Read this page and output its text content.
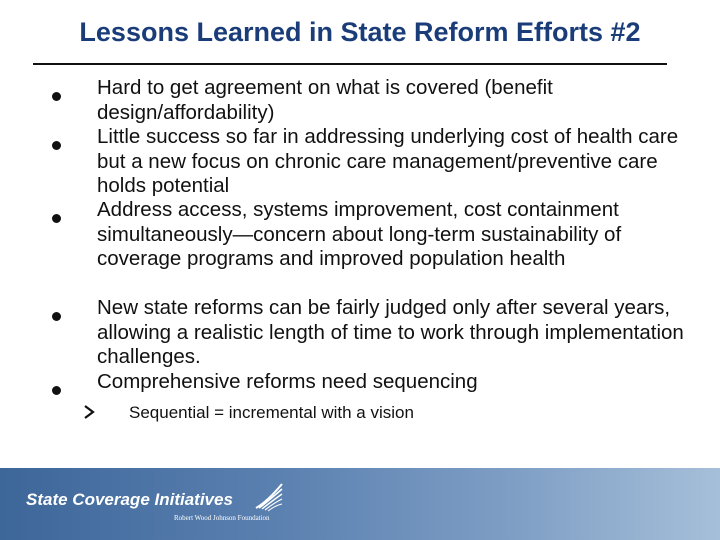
Lessons Learned in State Reform Efforts #2
Hard to get agreement on what is covered (benefit design/affordability)
Little success so far in addressing underlying cost of health care but a new focus on chronic care management/preventive care holds potential
Address access, systems improvement, cost containment simultaneously—concern about long-term sustainability of coverage programs and improved population health
New state reforms can be fairly judged only after several years, allowing a realistic length of time to work through implementation challenges.
Comprehensive reforms need sequencing
Sequential = incremental with a vision
State Coverage Initiatives
Robert Wood Johnson Foundation
